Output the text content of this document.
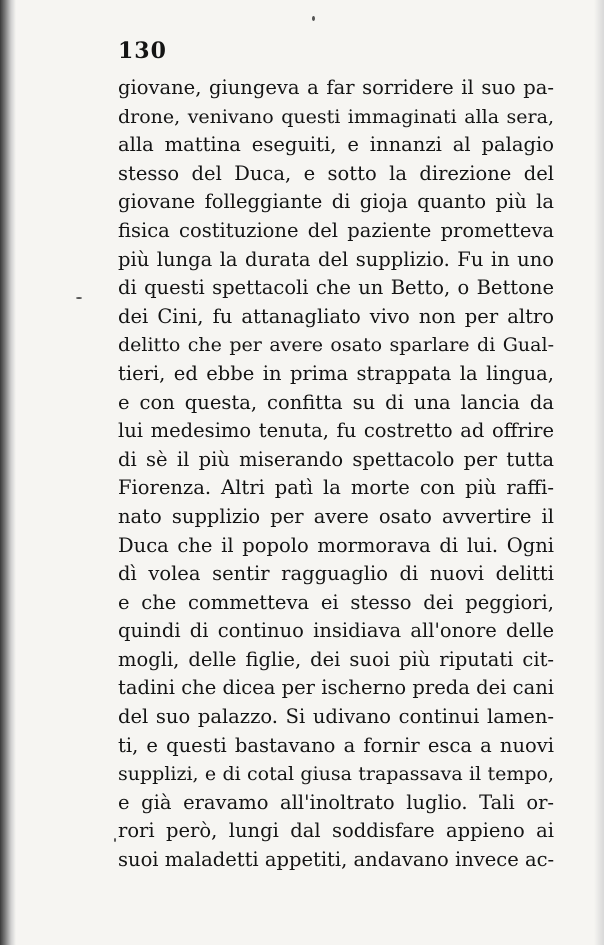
130

giovane, giungeva a far sorridere il suo pa-
drone, venivano questi immaginati alla sera,
alla mattina eseguiti, e innanzi al palagio
stesso del Duca, e sotto la direzione del
giovane folleggiante di gioja quanto più la
fisica costituzione del paziente prometteva
più lunga la durata del supplizio. Fu in uno
di questi spettacoli che un Betto, o Bettone
dei Cini, fu attanagliato vivo non per altro
delitto che per avere osato sparlare di Gual-
tieri, ed ebbe in prima strappata la lingua,
e con questa, confitta su di una lancia da
lui medesimo tenuta, fu costretto ad offrire
di sè il più miserando spettacolo per tutta
Fiorenza. Altri patì la morte con più raffi-
nato supplizio per avere osato avvertire il
Duca che il popolo mormorava di lui. Ogni
dì volea sentir ragguaglio di nuovi delitti
e che commetteva ei stesso dei peggiori,
quindi di continuo insidiava all'onore delle
mogli, delle figlie, dei suoi più riputati cit-
tadini che dicea per ischerno preda dei cani
del suo palazzo. Si udivano continui lamen-
ti, e questi bastavano a fornir esca a nuovi
supplizi, e di cotal giusa trapassava il tempo,
e già eravamo all'inoltrato luglio. Tali or-
rori però, lungi dal soddisfare appieno ai
suoi maladetti appetiti, andavano invece ac-
